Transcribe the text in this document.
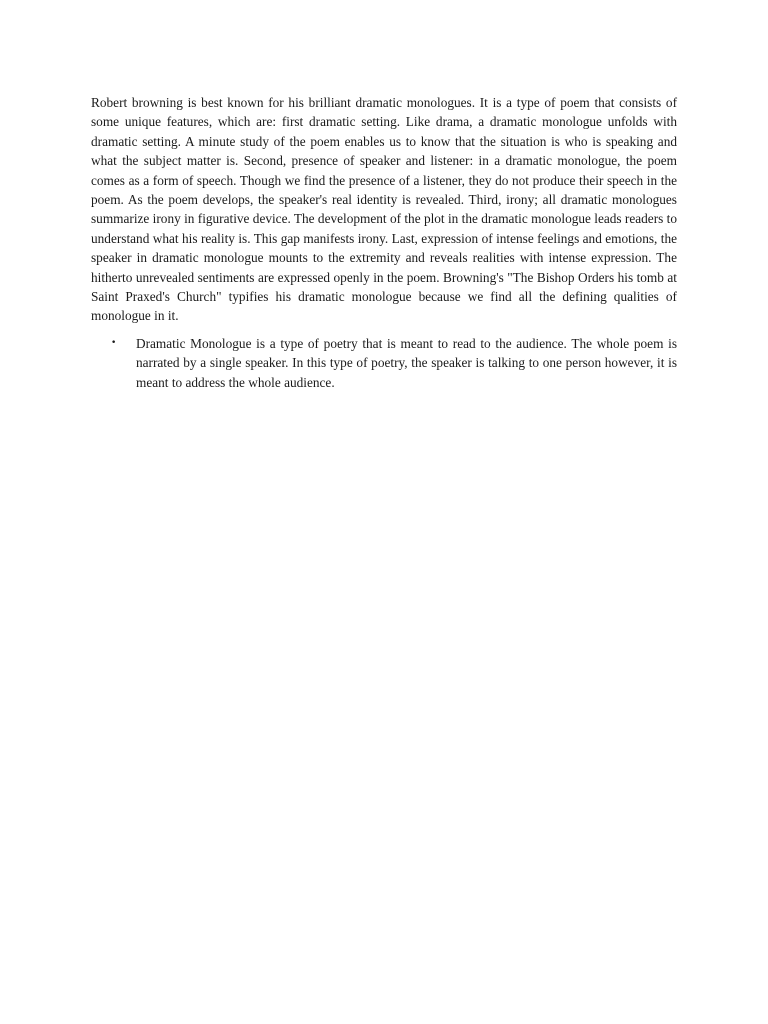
Robert browning is best known for his brilliant dramatic monologues. It is a type of poem that consists of some unique features, which are: first dramatic setting. Like drama, a dramatic monologue unfolds with dramatic setting. A minute study of the poem enables us to know that the situation is who is speaking and what the subject matter is. Second, presence of speaker and listener: in a dramatic monologue, the poem comes as a form of speech. Though we find the presence of a listener, they do not produce their speech in the poem. As the poem develops, the speaker's real identity is revealed. Third, irony; all dramatic monologues summarize irony in figurative device. The development of the plot in the dramatic monologue leads readers to understand what his reality is. This gap manifests irony. Last, expression of intense feelings and emotions, the speaker in dramatic monologue mounts to the extremity and reveals realities with intense expression. The hitherto unrevealed sentiments are expressed openly in the poem. Browning's "The Bishop Orders his tomb at Saint Praxed's Church" typifies his dramatic monologue because we find all the defining qualities of monologue in it.

• Dramatic Monologue is a type of poetry that is meant to read to the audience. The whole poem is narrated by a single speaker. In this type of poetry, the speaker is talking to one person however, it is meant to address the whole audience.
